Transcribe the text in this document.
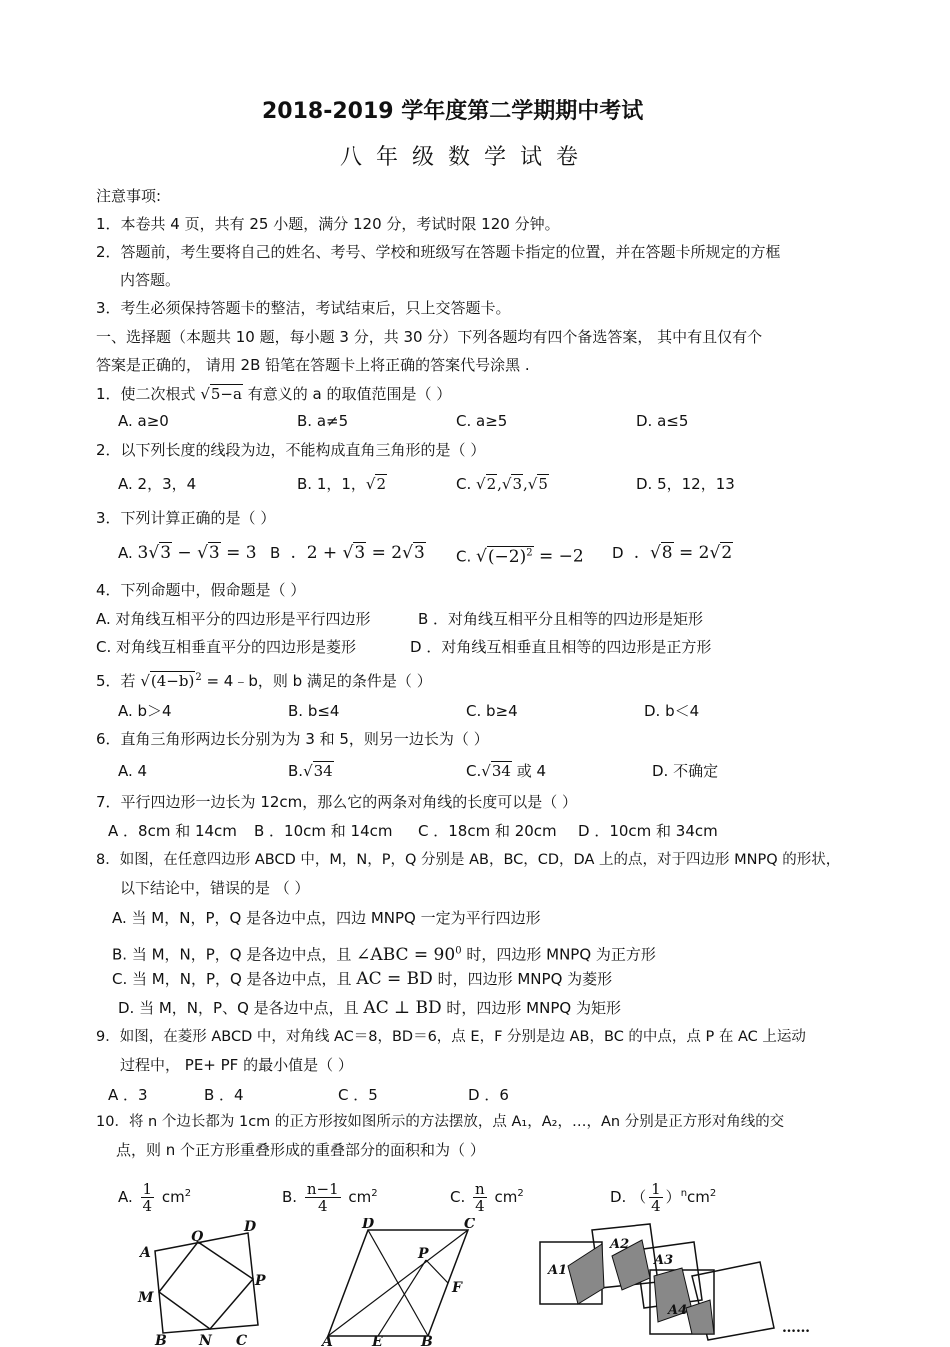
2018-2019 学年度第二学期期中考试
八年级数学试卷
注意事项:
1．本卷共 4 页，共有 25 小题，满分 120 分，考试时限 120 分钟。
2．答题前，考生要将自己的姓名、考号、学校和班级写在答题卡指定的位置，并在答题卡所规定的方框
内答题。
3．考生必须保持答题卡的整洁，考试结束后，只上交答题卡。
一、选择题（本题共 10 题，每小题 3 分，共 30 分）下列各题均有四个备选答案， 其中有且仅有个
答案是正确的， 请用 2B 铅笔在答题卡上将正确的答案代号涂黑 .
1．使二次根式 √5−a 有意义的 a 的取值范围是（ ）
A. a≥0	B. a≠5	C. a≥5	D. a≤5
2．以下列长度的线段为边，不能构成直角三角形的是（ ）
A. 2，3，4	B. 1，1，√2	C. √2,√3,√5	D. 5，12，13
3．下列计算正确的是（ ）
A. 3√3 − √3 = 3 B  .  2 + √3 = 2√3 C. $√(-2)^2 = -2$ D  .  √8 = 2√2
4．下列命题中，假命题是（ ）
A. 对角线互相平分的四边形是平行四边形	B ．对角线互相平分且相等的四边形是矩形
C. 对角线互相垂直平分的四边形是菱形	D ．对角线互相垂直且相等的四边形是正方形
5．若 $√(4-b)^2$ = 4﹣b，则 b 满足的条件是（ ）
A. b＞4	B. b≤4	C. b≥4	D. b＜4
6．直角三角形两边长分别为为 3 和 5，则另一边长为（ ）
A. 4	B.√34	C.√34 或 4	D. 不确定
7．平行四边形一边长为 12cm，那么它的两条对角线的长度可以是（ ）
A ．8cm 和 14cm B ．10cm 和 14cm C ．18cm 和 20cm D ．10cm 和 34cm
8．如图，在任意四边形 ABCD 中，M，N，P，Q 分别是 AB，BC，CD，DA 上的点，对于四边形 MNPQ 的形状，
以下结论中，错误的是 （ ）
A. 当 M，N，P，Q 是各边中点，四边 MNPQ 一定为平行四边形
B. 当 M，N，P，Q 是各边中点，且 ∠ABC = $90^0$ 时，四边形 MNPQ 为正方形
C. 当 M，N，P，Q 是各边中点，且 AC = BD 时，四边形 MNPQ 为菱形
D. 当 M，N，P、Q 是各边中点，且 AC ⊥ BD 时，四边形 MNPQ 为矩形
9．如图，在菱形 ABCD 中，对角线 AC＝8，BD＝6，点 E，F 分别是边 AB，BC 的中点，点 P 在 AC 上运动
过程中， PE+ PF 的最小值是（ ）
A ．3	B ．4	C ．5	D ．6
10．将 n 个边长都为 1cm 的正方形按如图所示的方法摆放，点 A₁，A₂，…，An 分别是正方形对角线的交
点，则 n 个正方形重叠形成的重叠部分的面积和为（ ）
A. $\frac{1}{4} cm^2$	B. $\frac{n-1}{4} cm^2$	C. $\frac{n}{4} cm^2$	D. （ $\frac{1}{4} )^ncm^2$
A
Q
D
M
P
B N C
D	C
P
F
A	E	B
A1
A2
A3
A4
……
